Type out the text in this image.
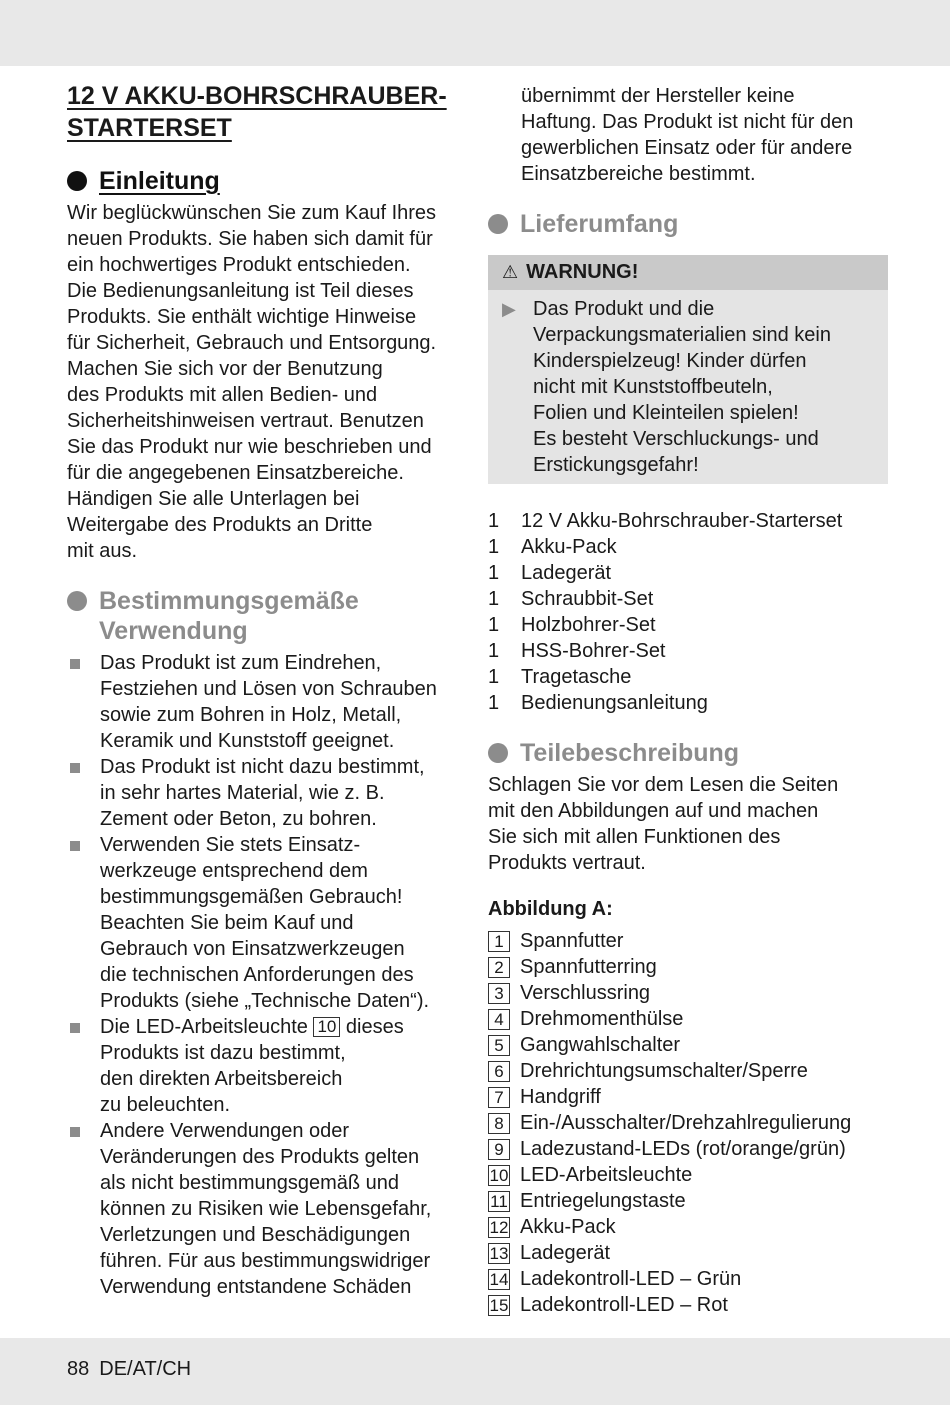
12 V AKKU-BOHRSCHRAUBER-
STARTERSET
Einleitung

Wir beglückwünschen Sie zum Kauf Ihres

neuen Produkts. Sie haben sich damit für

ein hochwertiges Produkt entschieden.

Die Bedienungsanleitung ist Teil dieses

Produkts. Sie enthält wichtige Hinweise

für Sicherheit, Gebrauch und Entsorgung.

Machen Sie sich vor der Benutzung

des Produkts mit allen Bedien- und

Sicherheitshinweisen vertraut. Benutzen

Sie das Produkt nur wie beschrieben und

für die angegebenen Einsatzbereiche.

Händigen Sie alle Unterlagen bei

Weitergabe des Produkts an Dritte

mit aus.

Bestimmungsgemäße
Verwendung
Das Produkt ist zum Eindrehen,
Festziehen und Lösen von Schrauben
sowie zum Bohren in Holz, Metall,
Keramik und Kunststoff geeignet.
Das Produkt ist nicht dazu bestimmt,
in sehr hartes Material, wie z. B.
Zement oder Beton, zu bohren.
Verwenden Sie stets Einsatz-
werkzeuge entsprechend dem
bestimmungsgemäßen Gebrauch!
Beachten Sie beim Kauf und
Gebrauch von Einsatzwerkzeugen
die technischen Anforderungen des
Produkts (siehe „Technische Daten“).
Die LED-Arbeitsleuchte 10 dieses
Produkts ist dazu bestimmt,
den direkten Arbeitsbereich
zu beleuchten.
Andere Verwendungen oder
Veränderungen des Produkts gelten
als nicht bestimmungsgemäß und
können zu Risiken wie Lebensgefahr,
Verletzungen und Beschädigungen
führen. Für aus bestimmungswidriger
Verwendung entstandene Schäden

übernimmt der Hersteller keine

Haftung. Das Produkt ist nicht für den

gewerblichen Einsatz oder für andere

Einsatzbereiche bestimmt.

Lieferumfang
⚠ WARNUNG!
▶ Das Produkt und die
Verpackungsmaterialien sind kein
Kinderspielzeug! Kinder dürfen
nicht mit Kunststoffbeuteln,
Folien und Kleinteilen spielen!
Es besteht Verschluckungs- und
Erstickungsgefahr!
1	12 V Akku-Bohrschrauber-Starterset
1	Akku-Pack
1	Ladegerät
1	Schraubbit-Set
1	Holzbohrer-Set
1	HSS-Bohrer-Set
1	Tragetasche
1	Bedienungsanleitung
Teilebeschreibung

Schlagen Sie vor dem Lesen die Seiten

mit den Abbildungen auf und machen

Sie sich mit allen Funktionen des

Produkts vertraut.

Abbildung A:

1 Spannfutter
2 Spannfutterring
3 Verschlussring
4 Drehmomenthülse
5 Gangwahlschalter
6 Drehrichtungsumschalter/Sperre
7 Handgriff
8 Ein-/Ausschalter/Drehzahlregulierung
9 Ladezustand-LEDs (rot/orange/grün)
10 LED-Arbeitsleuchte
11 Entriegelungstaste
12 Akku-Pack
13 Ladegerät
14 Ladekontroll-LED – Grün
15 Ladekontroll-LED – Rot
88 DE/AT/CH
